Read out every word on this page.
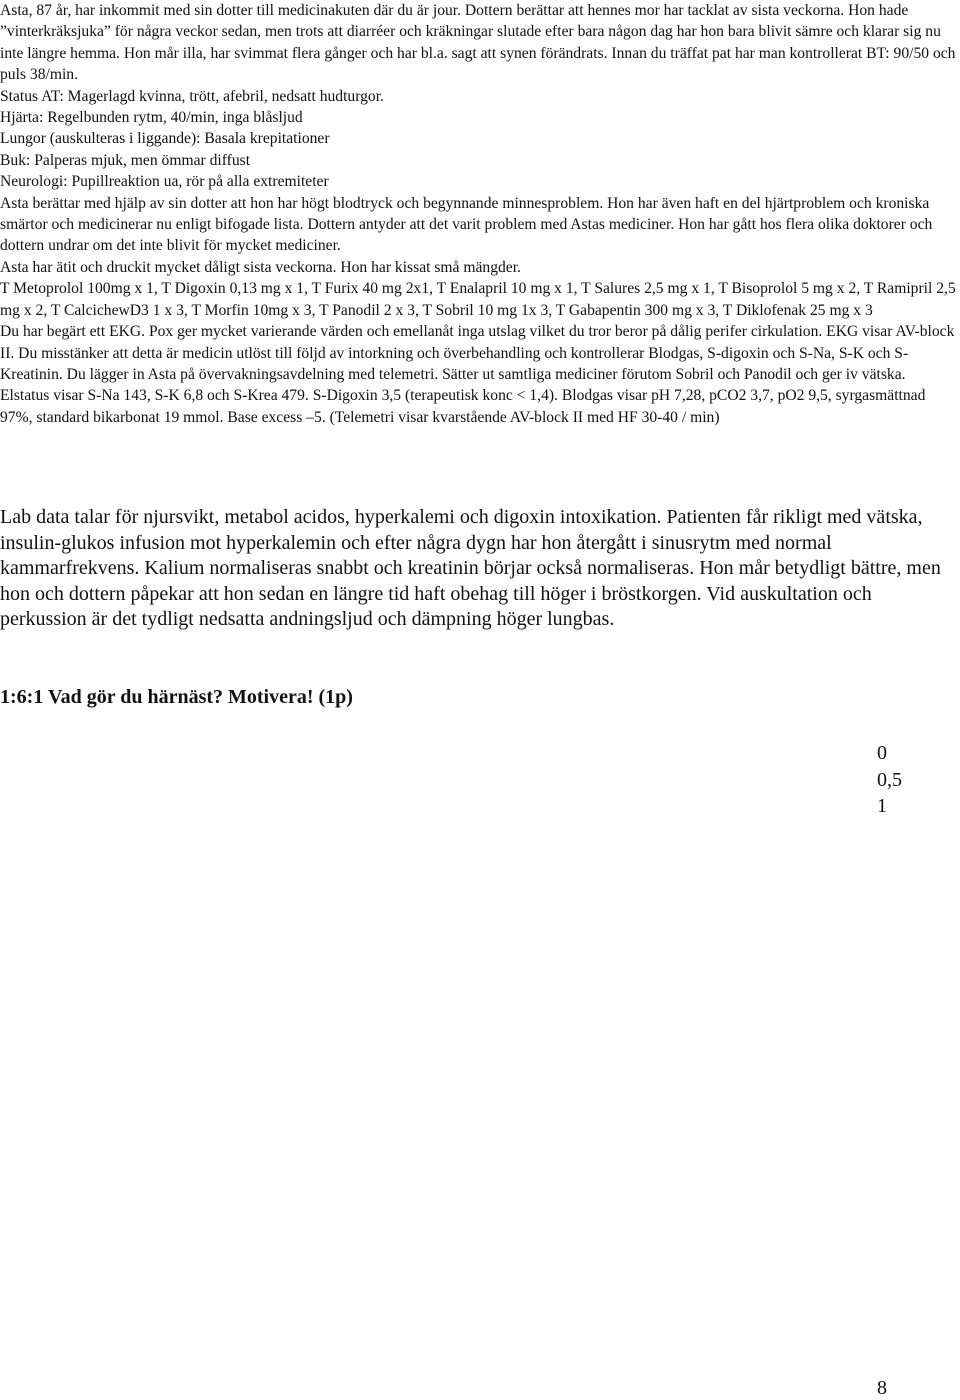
Asta, 87 år, har inkommit med sin dotter till medicinakuten där du är jour. Dottern berättar att hennes mor har tacklat av sista veckorna. Hon hade ”vinterkräksjuka” för några veckor sedan, men trots att diarréer och kräkningar slutade efter bara någon dag har hon bara blivit sämre och klarar sig nu inte längre hemma. Hon mår illa, har svimmat flera gånger och har bl.a. sagt att synen förändrats. Innan du träffat pat har man kontrollerat BT: 90/50 och puls 38/min.

Status AT: Magerlagd kvinna, trött, afebril, nedsatt hudturgor.

Hjärta: Regelbunden rytm, 40/min, inga blåsljud

Lungor (auskulteras i liggande): Basala krepitationer

Buk: Palperas mjuk, men ömmar diffust

Neurologi: Pupillreaktion ua, rör på alla extremiteter

Asta berättar med hjälp av sin dotter att hon har högt blodtryck och begynnande minnesproblem. Hon har även haft en del hjärtproblem och kroniska smärtor och medicinerar nu enligt bifogade lista. Dottern antyder att det varit problem med Astas mediciner. Hon har gått hos flera olika doktorer och dottern undrar om det inte blivit för mycket mediciner.

Asta har ätit och druckit mycket dåligt sista veckorna. Hon har kissat små mängder.

T Metoprolol 100mg x 1, T Digoxin 0,13 mg x 1, T Furix 40 mg 2x1, T Enalapril 10 mg x 1, T Salures 2,5 mg x 1, T Bisoprolol 5 mg x 2, T Ramipril 2,5 mg x 2, T CalcichewD3 1 x 3, T Morfin 10mg x 3, T Panodil 2 x 3, T Sobril 10 mg 1x 3, T Gabapentin 300 mg x 3, T Diklofenak 25 mg x 3

Du har begärt ett EKG. Pox ger mycket varierande värden och emellanåt inga utslag vilket du tror beror på dålig perifer cirkulation. EKG visar AV-block II. Du misstänker att detta är medicin utlöst till följd av intorkning och överbehandling och kontrollerar Blodgas, S-digoxin och S-Na, S-K och S-Kreatinin. Du lägger in Asta på övervakningsavdelning med telemetri. Sätter ut samtliga mediciner förutom Sobril och Panodil och ger iv vätska. Elstatus visar S-Na 143, S-K 6,8 och S-Krea 479. S-Digoxin 3,5 (terapeutisk konc < 1,4). Blodgas visar pH 7,28, pCO2 3,7, pO2 9,5, syrgasmättnad 97%, standard bikarbonat 19 mmol. Base excess –5. (Telemetri visar kvarstående AV-block II med HF 30-40 / min)

Lab data talar för njursvikt, metabol acidos, hyperkalemi och digoxin intoxikation. Patienten får rikligt med vätska, insulin-glukos infusion mot hyperkalemin och efter några dygn har hon återgått i sinusrytm med normal kammarfrekvens. Kalium normaliseras snabbt och kreatinin börjar också normaliseras. Hon mår betydligt bättre, men hon och dottern påpekar att hon sedan en längre tid haft obehag till höger i bröstkorgen. Vid auskultation och perkussion är det tydligt nedsatta andningsljud och dämpning höger lungbas.

1:6:1 Vad gör du härnäst? Motivera! (1p)

0
0,5
1
8
